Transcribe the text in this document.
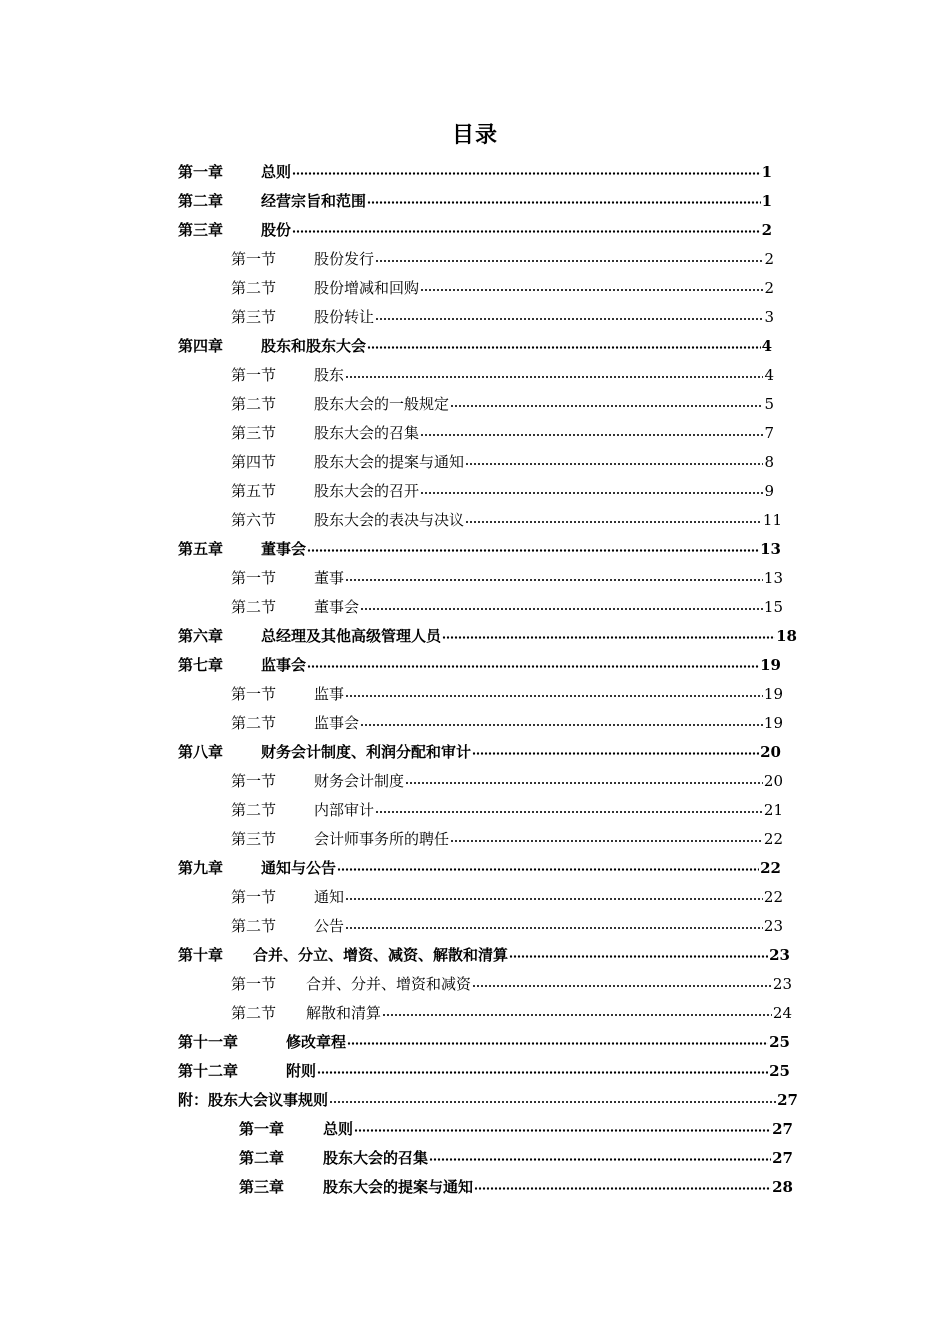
目录
第一章	总则	1
第二章	经营宗旨和范围	1
第三章	股份	2
第一节	股份发行	2
第二节	股份增减和回购	2
第三节	股份转让	3
第四章	股东和股东大会	4
第一节	股东	4
第二节	股东大会的一般规定	5
第三节	股东大会的召集	7
第四节	股东大会的提案与通知	8
第五节	股东大会的召开	9
第六节	股东大会的表决与决议	11
第五章	董事会	13
第一节	董事	13
第二节	董事会	15
第六章	总经理及其他高级管理人员	18
第七章	监事会	19
第一节	监事	19
第二节	监事会	19
第八章	财务会计制度、利润分配和审计	20
第一节	财务会计制度	20
第二节	内部审计	21
第三节	会计师事务所的聘任	22
第九章	通知与公告	22
第一节	通知	22
第二节	公告	23
第十章	合并、分立、增资、减资、解散和清算	23
第一节	合并、分并、增资和减资	23
第二节	解散和清算	24
第十一章	修改章程	25
第十二章	附则	25
附：股东大会议事规则	27
第一章	总则	27
第二章	股东大会的召集	27
第三章	股东大会的提案与通知	28
